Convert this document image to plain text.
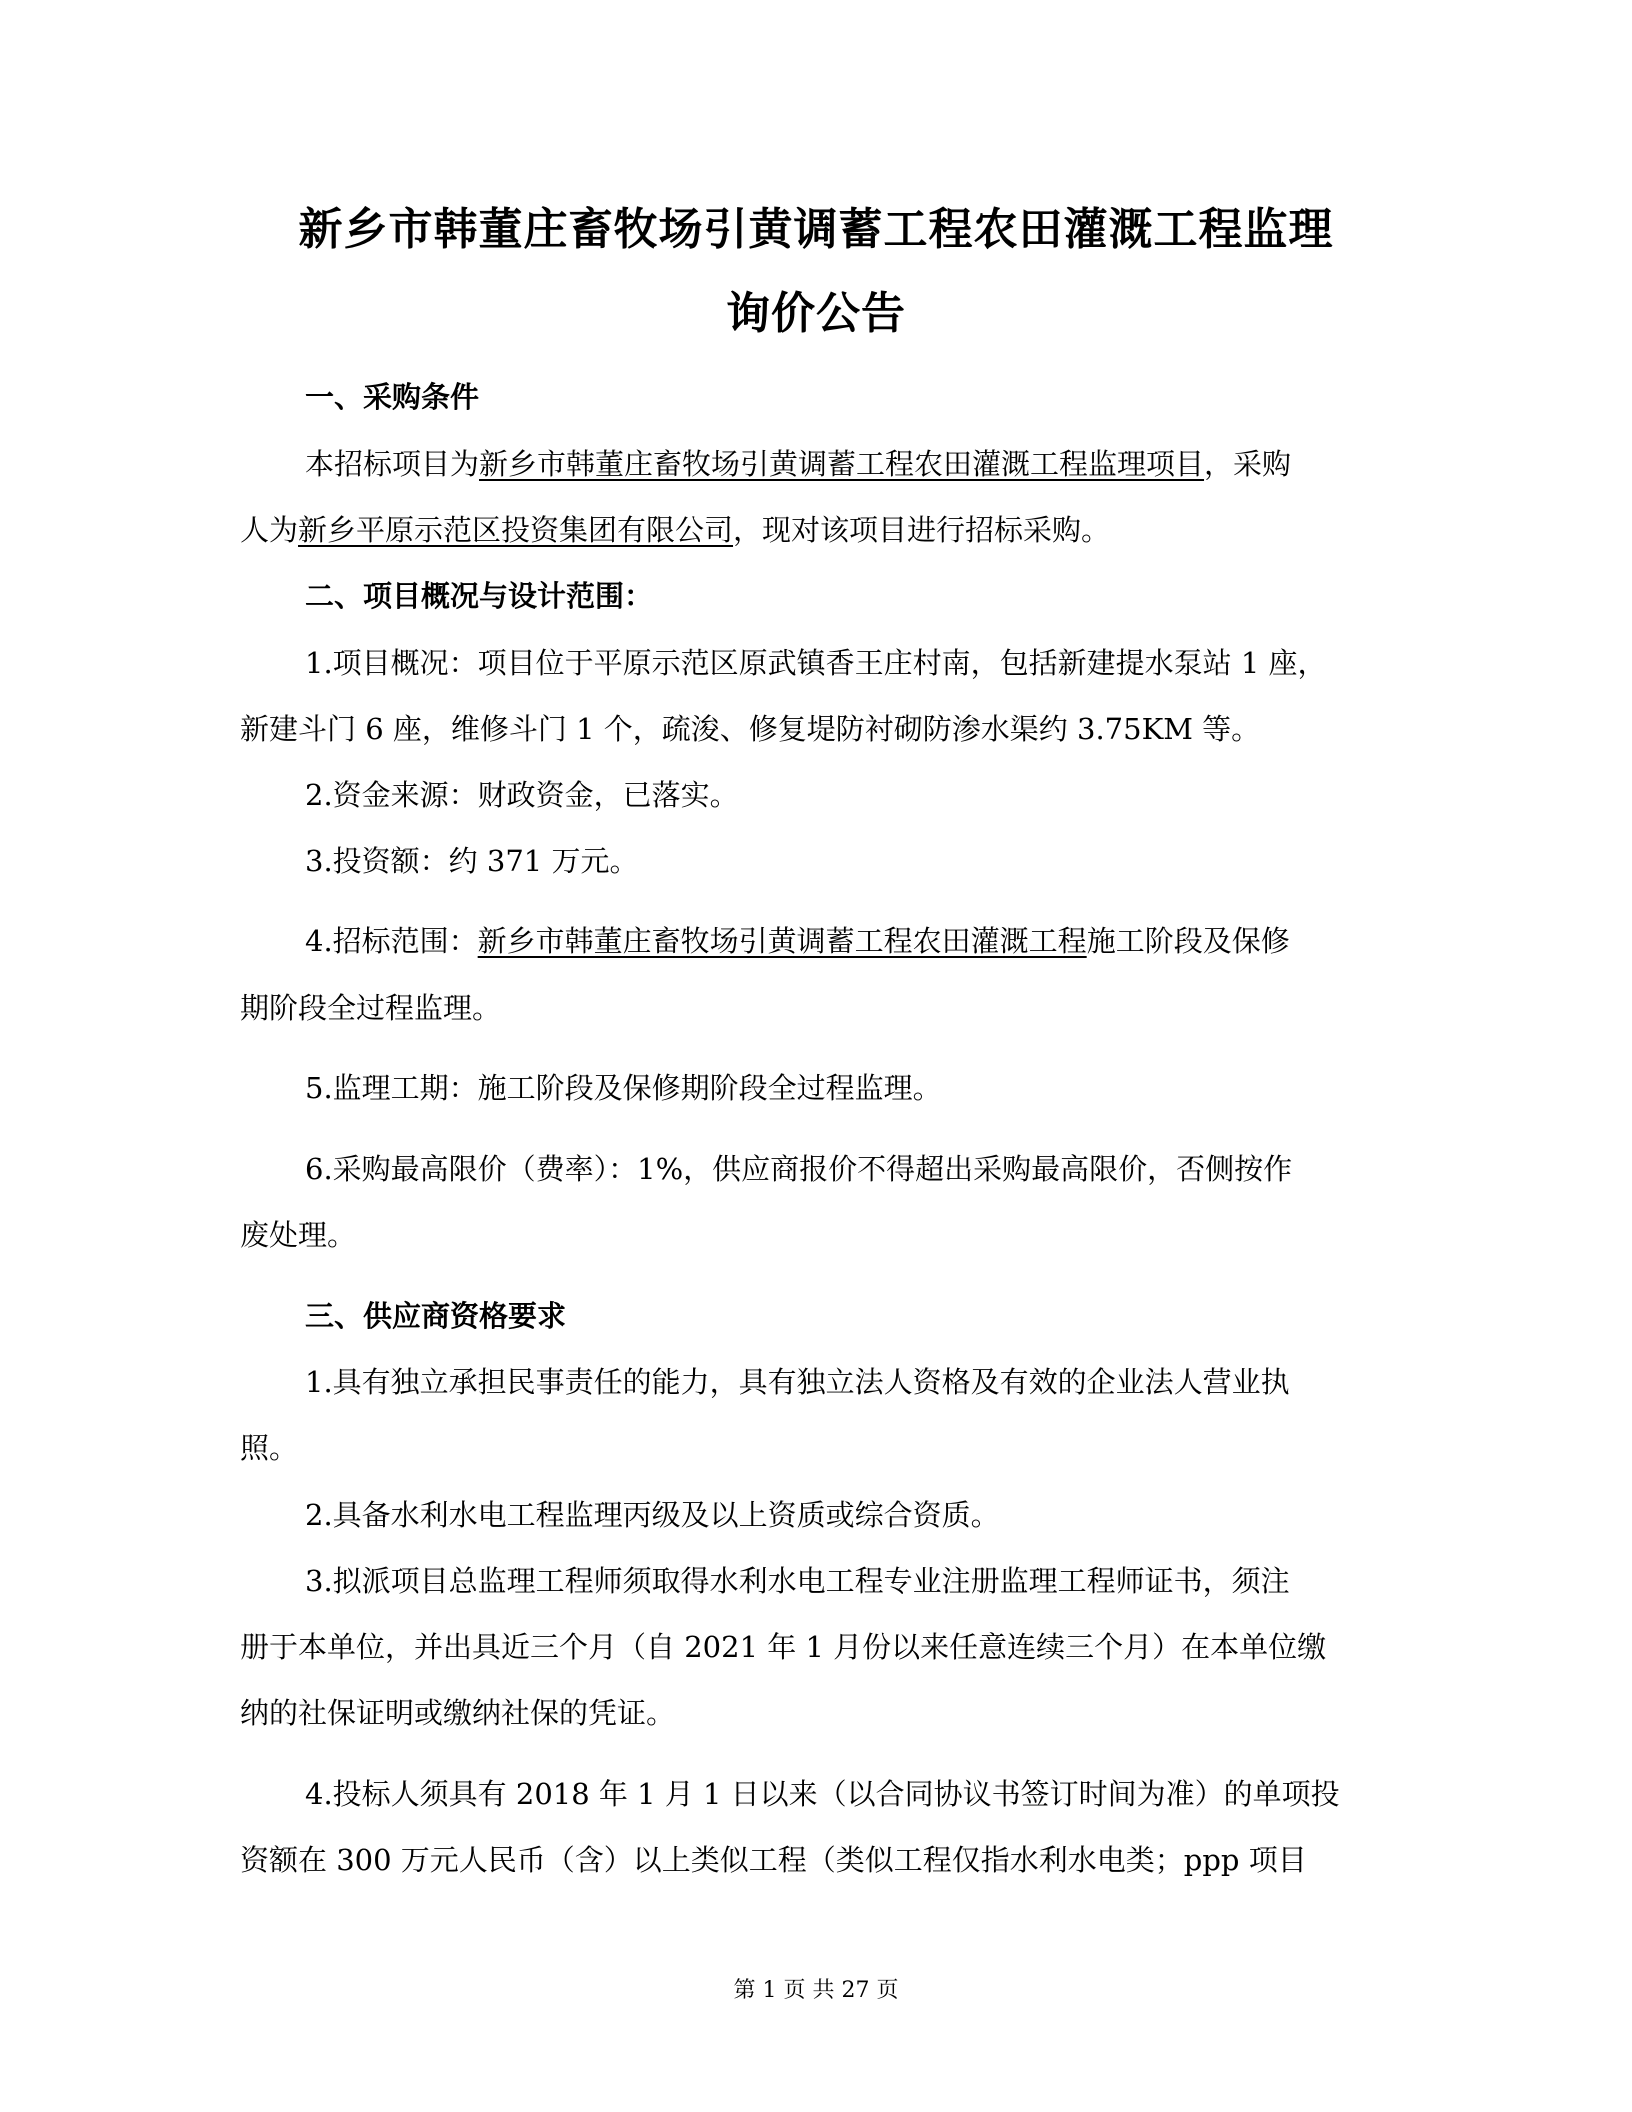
新乡市韩董庄畜牧场引黄调蓄工程农田灌溉工程监理
询价公告
一、采购条件
本招标项目为新乡市韩董庄畜牧场引黄调蓄工程农田灌溉工程监理项目，采购
人为新乡平原示范区投资集团有限公司，现对该项目进行招标采购。
二、项目概况与设计范围：
1.项目概况：项目位于平原示范区原武镇香王庄村南，包括新建提水泵站 1 座，
新建斗门 6 座，维修斗门 1 个，疏浚、修复堤防衬砌防渗水渠约 3.75KM 等。
2.资金来源：财政资金，已落实。
3.投资额：约 371 万元。
4.招标范围：新乡市韩董庄畜牧场引黄调蓄工程农田灌溉工程施工阶段及保修
期阶段全过程监理。
5.监理工期：施工阶段及保修期阶段全过程监理。
6.采购最高限价（费率）：1%，供应商报价不得超出采购最高限价，否侧按作
废处理。
三、供应商资格要求
1.具有独立承担民事责任的能力，具有独立法人资格及有效的企业法人营业执
照。
2.具备水利水电工程监理丙级及以上资质或综合资质。
3.拟派项目总监理工程师须取得水利水电工程专业注册监理工程师证书，须注
册于本单位，并出具近三个月（自 2021 年 1 月份以来任意连续三个月）在本单位缴
纳的社保证明或缴纳社保的凭证。
4.投标人须具有 2018 年 1 月 1 日以来（以合同协议书签订时间为准）的单项投
资额在 300 万元人民币（含）以上类似工程（类似工程仅指水利水电类；ppp 项目
第 1 页 共 27 页
